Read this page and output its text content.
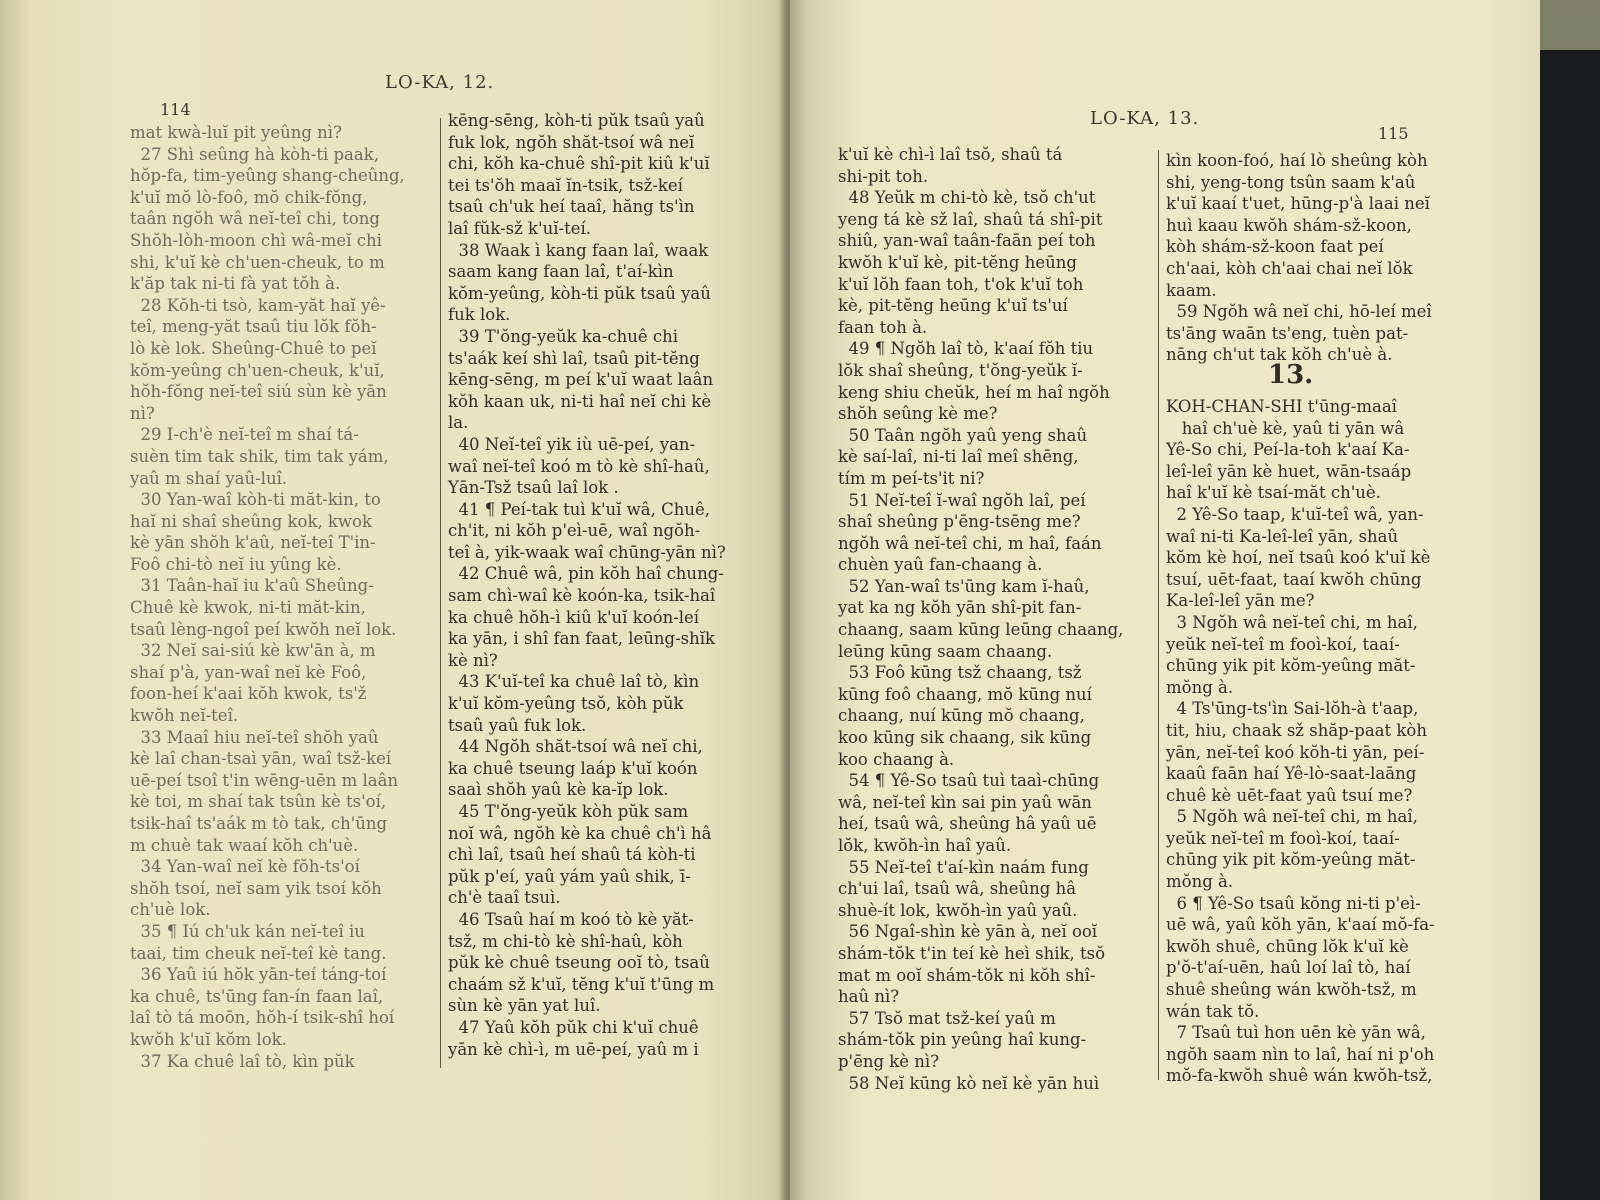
LO-KA, 12.
114
mat kwà-luĭ pit yeûng nì?
27 Shì seûng hà kòh-ti paak,
hŏp-fa, tim-yeûng shang-cheûng,
k'uĭ mŏ lò-foô, mŏ chik-fŏng,
taân ngŏh wâ neĭ-teî chi, tong
Shŏh-lòh-moon chì wâ-meĭ chi
shi, k'uĭ kè ch'uen-cheuk, to m
k'ăp tak ni-ti fà yat tŏh à.
28 Kŏh-ti tsò, kam-yăt haĭ yê-
teî, meng-yăt tsaû tiu lŏk fŏh-
lò kè lok. Sheûng-Chuê to peĭ
kŏm-yeûng ch'uen-cheuk, k'uĭ,
hŏh-fŏng neĭ-teî siú sùn kè yān
nì?
29 I-ch'è neĭ-teî m shaí tá-
suèn tim tak shik, tim tak yám,
yaû m shaí yaû-luî.
30 Yan-waî kòh-ti măt-kin, to
haĭ ni shaî sheûng kok, kwok
kè yān shŏh k'aû, neĭ-teî T'in-
Foô chi-tò neĭ iu yûng kè.
31 Taân-haĭ iu k'aû Sheûng-
Chuê kè kwok, ni-ti măt-kin,
tsaû lèng-ngoî peí kwŏh neĭ lok.
32 Neĭ sai-siú kè kw'ān à, m
shaí p'à, yan-waî neĭ kè Foô,
foon-heí k'aai kŏh kwok, ts'ž
kwŏh neĭ-teî.
33 Maaî hiu neĭ-teî shŏh yaû
kè laî chan-tsaì yān, waî tsž-keí
uē-peí tsoî t'in wēng-uēn m laân
kè toi, m shaí tak tsûn kè ts'oí,
tsik-haî ts'aák m tò tak, ch'ūng
m chuè tak waaí kŏh ch'uè.
34 Yan-waî neĭ kè fŏh-ts'oí
shŏh tsoí, neĭ sam yik tsoí kŏh
ch'uè lok.
35 ¶ Iú ch'uk kán neĭ-teî iu
taai, tim cheuk neĭ-teî kè tang.
36 Yaû iú hŏk yān-teí táng-toí
ka chuê, ts'ūng fan-ín faan laî,
laî tò tá moōn, hŏh-í tsik-shî hoí
kwŏh k'uĭ kŏm lok.
37 Ka chuê laî tò, kìn pŭk
kēng-sēng, kòh-ti pŭk tsaû yaû
fuk lok, ngŏh shăt-tsoí wâ neĭ
chi, kŏh ka-chuê shî-pit kiû k'uĭ
tei ts'ŏh maaĭ ĭn-tsik, tsž-keí
tsaû ch'uk heí taaî, hăng ts'ìn
laî fŭk-sž k'uĭ-teí.
38 Waak ì kang faan laî, waak
saam kang faan laî, t'aí-kìn
kŏm-yeûng, kòh-ti pŭk tsaû yaû
fuk lok.
39 T'ŏng-yeŭk ka-chuê chi
ts'aák keí shì laî, tsaû pit-tĕng
kēng-sēng, m peí k'uĭ waat laân
kŏh kaan uk, ni-ti haî neĭ chi kè
la.
40 Neĭ-teî yik iù uē-peí, yan-
waî neĭ-teî koó m tò kè shî-haû,
Yān-Tsž tsaû laî lok .
41 ¶ Peí-tak tuì k'uĭ wâ, Chuê,
ch'it, ni kŏh p'eì-uē, waî ngŏh-
teî à, yik-waak waî chūng-yān nì?
42 Chuê wâ, pin kŏh haî chung-
sam chì-waî kè koón-ka, tsik-haî
ka chuê hŏh-ì kiû k'uĭ koón-leí
ka yān, i shî fan faat, leūng-shĭk
kè nì?
43 K'uĭ-teî ka chuê laî tò, kìn
k'uĭ kŏm-yeûng tsŏ, kòh pŭk
tsaû yaû fuk lok.
44 Ngŏh shăt-tsoí wâ neĭ chi,
ka chuê tseung laáp k'uĭ koón
saaì shŏh yaû kè ka-ĭp lok.
45 T'ŏng-yeŭk kòh pŭk sam
noĭ wâ, ngŏh kè ka chuê ch'ì hâ
chì laî, tsaû heí shaû tá kòh-ti
pŭk p'eí, yaû yám yaû shik, ī-
ch'è taaî tsuì.
46 Tsaû haí m koó tò kè yăt-
tsž, m chi-tò kè shî-haû, kòh
pŭk kè chuê tseung ooĭ tò, tsaû
chaám sž k'uĭ, tĕng k'uĭ t'ūng m
sùn kè yān yat luî.
47 Yaû kŏh pŭk chi k'uĭ chuê
yān kè chì-ì, m uē-peí, yaû m i
LO-KA, 13.
115
k'uĭ kè chì-ì laî tsŏ, shaû tá
shi-pit toh.
48 Yeŭk m chi-tò kè, tsŏ ch'ut
yeng tá kè sž laî, shaû tá shî-pit
shiû, yan-waî taân-faān peí toh
kwŏh k'uĭ kè, pit-tĕng heūng
k'uĭ lŏh faan toh, t'ok k'uĭ toh
kè, pit-tĕng heūng k'uĭ ts'uí
faan toh à.
49 ¶ Ngŏh laî tò, k'aaí fŏh tiu
lŏk shaî sheûng, t'ŏng-yeŭk ĭ-
keng shiu cheŭk, heí m haî ngŏh
shŏh seûng kè me?
50 Taân ngŏh yaû yeng shaû
kè saí-laî, ni-ti laî meî shēng,
tím m peí-ts'it ni?
51 Neĭ-teî ĭ-waî ngŏh laî, peí
shaî sheûng p'ēng-tsēng me?
ngŏh wâ neĭ-teî chi, m haî, faán
chuèn yaû fan-chaang à.
52 Yan-waî ts'ūng kam ĭ-haû,
yat ka ng kŏh yān shî-pit fan-
chaang, saam kūng leūng chaang,
leūng kūng saam chaang.
53 Foô kūng tsž chaang, tsž
kūng foô chaang, mŏ kūng nuí
chaang, nuí kūng mŏ chaang,
koo kūng sik chaang, sik kūng
koo chaang à.
54 ¶ Yê-So tsaû tuì taaì-chūng
wâ, neĭ-teî kìn sai pin yaû wān
heí, tsaû wâ, sheûng hâ yaû uē
lŏk, kwŏh-ìn haî yaû.
55 Neĭ-teî t'aí-kìn naám fung
ch'ui laî, tsaû wâ, sheûng hâ
shuè-ít lok, kwŏh-ìn yaû yaû.
56 Ngaî-shìn kè yān à, neĭ ooĭ
shám-tŏk t'in teí kè heì shik, tsŏ
mat m ooĭ shám-tŏk ni kŏh shî-
haû nì?
57 Tsŏ mat tsž-keí yaû m
shám-tŏk pin yeûng haî kung-
p'ēng kè nì?
58 Neĭ kūng kò neĭ kè yān huì
kìn koon-foó, haí lò sheûng kòh
shi, yeng-tong tsûn saam k'aû
k'uĭ kaaí t'uet, hūng-p'à laai neĭ
huì kaau kwŏh shám-sž-koon,
kòh shám-sž-koon faat peí
ch'aai, kòh ch'aai chai neĭ lŏk
kaam.
59 Ngŏh wâ neĭ chi, hō-leí meî
ts'āng waān ts'eng, tuèn pat-
nāng ch'ut tak kŏh ch'uè à.
13.
KOH-CHAN-SHI t'ūng-maaî
haî ch'uè kè, yaû ti yān wâ
Yê-So chi, Peí-la-toh k'aaí Ka-
leî-leî yān kè huet, wān-tsaáp
haî k'uĭ kè tsaí-măt ch'uè.
2 Yê-So taap, k'uĭ-teî wâ, yan-
waî ni-ti Ka-leî-leî yān, shaû
kŏm kè hoí, neĭ tsaû koó k'uĭ kè
tsuí, uēt-faat, taaí kwŏh chūng
Ka-leî-leî yān me?
3 Ngŏh wâ neĭ-teî chi, m haî,
yeŭk neĭ-teî m fooì-koí, taaí-
chūng yik pit kŏm-yeûng măt-
mŏng à.
4 Ts'ūng-ts'ìn Sai-lŏh-à t'aap,
tit, hiu, chaak sž shăp-paat kòh
yān, neĭ-teî koó kŏh-ti yān, peí-
kaaû faān haí Yê-lò-saat-laāng
chuê kè uēt-faat yaû tsuí me?
5 Ngŏh wâ neĭ-teî chi, m haî,
yeŭk neĭ-teî m fooì-koí, taaí-
chūng yik pit kŏm-yeûng măt-
mŏng à.
6 ¶ Yê-So tsaû kŏng ni-ti p'eì-
uē wâ, yaû kŏh yān, k'aaí mŏ-fa-
kwŏh shuê, chūng lŏk k'uĭ kè
p'ŏ-t'aí-uēn, haû loí laî tò, haí
shuê sheûng wán kwŏh-tsž, m
wán tak tŏ.
7 Tsaû tuì hon uēn kè yān wâ,
ngŏh saam nìn to laî, haí ni p'oh
mŏ-fa-kwŏh shuê wán kwŏh-tsž,
